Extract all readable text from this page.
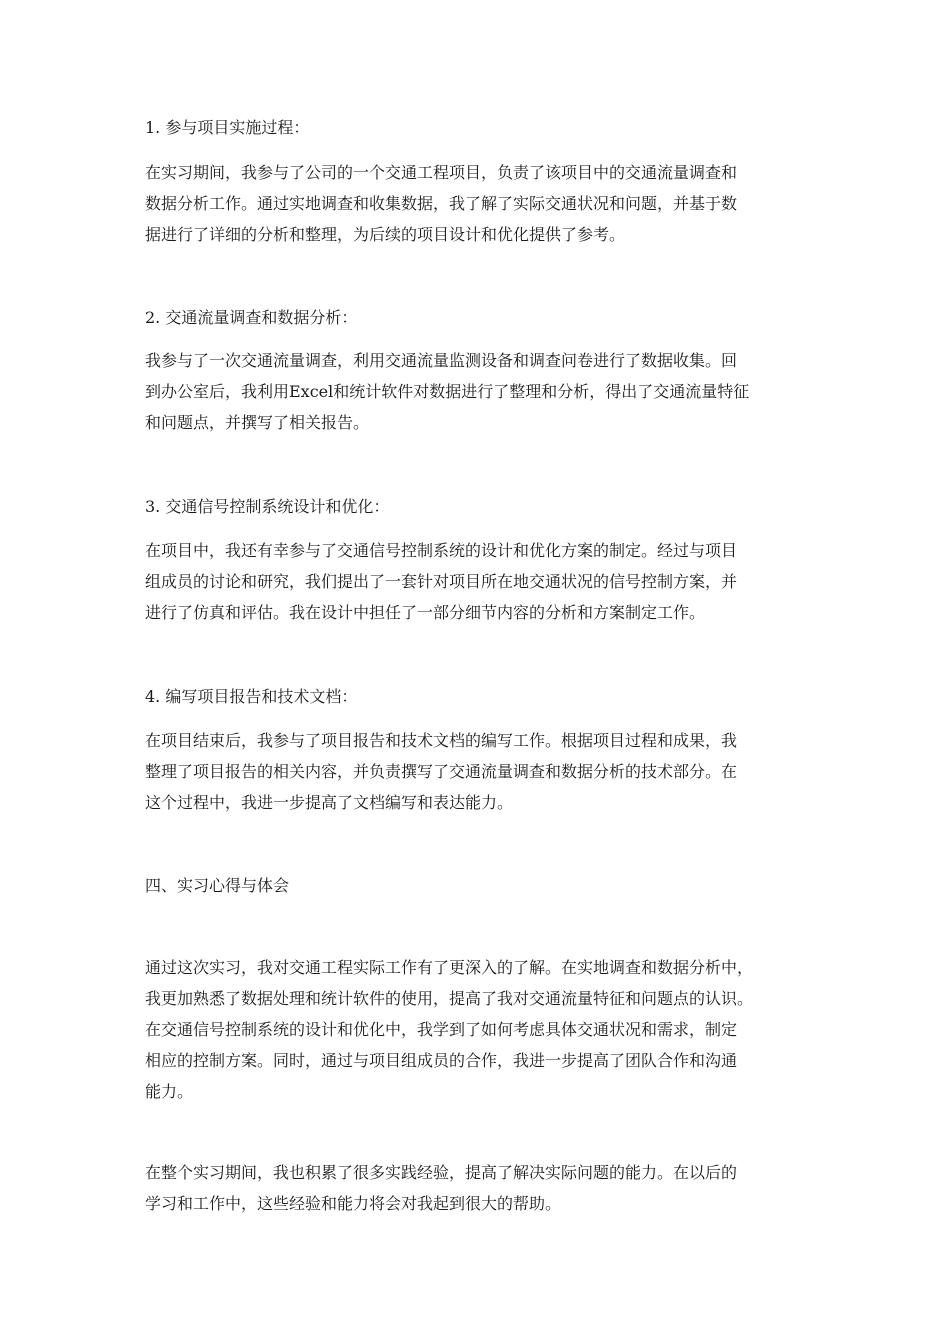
1. 参与项目实施过程：

在实习期间，我参与了公司的一个交通工程项目，负责了该项目中的交通流量调查和

数据分析工作。通过实地调查和收集数据，我了解了实际交通状况和问题，并基于数

据进行了详细的分析和整理，为后续的项目设计和优化提供了参考。

2. 交通流量调查和数据分析：

我参与了一次交通流量调查，利用交通流量监测设备和调查问卷进行了数据收集。回

到办公室后，我利用Excel和统计软件对数据进行了整理和分析，得出了交通流量特征

和问题点，并撰写了相关报告。

3. 交通信号控制系统设计和优化：

在项目中，我还有幸参与了交通信号控制系统的设计和优化方案的制定。经过与项目

组成员的讨论和研究，我们提出了一套针对项目所在地交通状况的信号控制方案，并

进行了仿真和评估。我在设计中担任了一部分细节内容的分析和方案制定工作。

4. 编写项目报告和技术文档：

在项目结束后，我参与了项目报告和技术文档的编写工作。根据项目过程和成果，我

整理了项目报告的相关内容，并负责撰写了交通流量调查和数据分析的技术部分。在

这个过程中，我进一步提高了文档编写和表达能力。

四、实习心得与体会

通过这次实习，我对交通工程实际工作有了更深入的了解。在实地调查和数据分析中，

我更加熟悉了数据处理和统计软件的使用，提高了我对交通流量特征和问题点的认识。

在交通信号控制系统的设计和优化中，我学到了如何考虑具体交通状况和需求，制定

相应的控制方案。同时，通过与项目组成员的合作，我进一步提高了团队合作和沟通

能力。

在整个实习期间，我也积累了很多实践经验，提高了解决实际问题的能力。在以后的

学习和工作中，这些经验和能力将会对我起到很大的帮助。
